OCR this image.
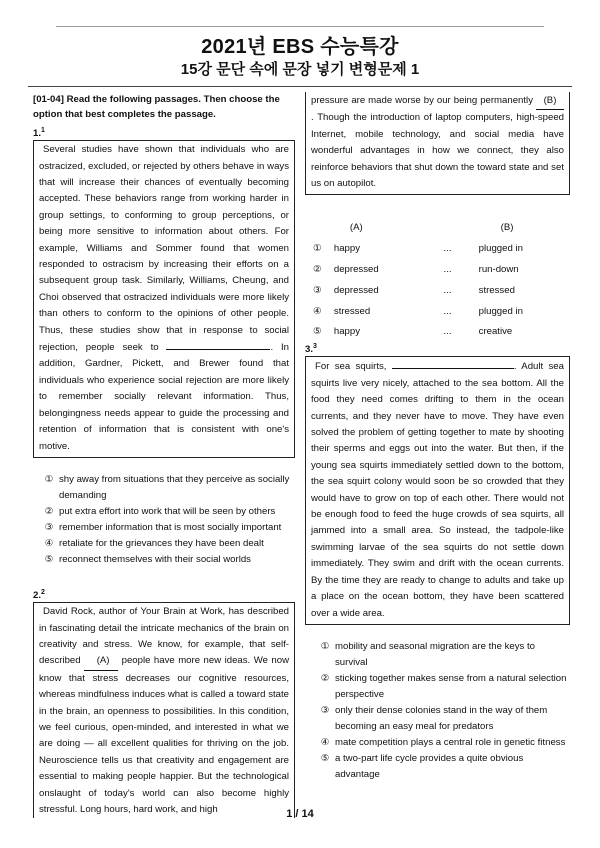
2021년 EBS 수능특강
15강 문단 속에 문장 넣기 변형문제 1
[01-04] Read the following passages. Then choose the option that best completes the passage.
1.$^1$
Several studies have shown that individuals who are ostracized, excluded, or rejected by others behave in ways that will increase their chances of eventually becoming accepted. These behaviors range from working harder in group settings, to conforming to group perceptions, or being more sensitive to information about others. For example, Williams and Sommer found that women responded to ostracism by increasing their efforts on a subsequent group task. Similarly, Williams, Cheung, and Choi observed that ostracized individuals were more likely than others to conform to the opinions of other people. Thus, these studies show that in response to social rejection, people seek to	. In addition, Gardner, Pickett, and Brewer found that individuals who experience social rejection are more likely to remember socially relevant information. Thus, belongingness needs appear to guide the processing and retention of information that is consistent with one's motive.
① shy away from situations that they perceive as socially demanding
② put extra effort into work that will be seen by others
③ remember information that is most socially important
④ retaliate for the grievances they have been dealt
⑤ reconnect themselves with their social worlds
2.$^2$
David Rock, author of Your Brain at Work, has described in fascinating detail the intricate mechanics of the brain on creativity and stress. We know, for example, that self-described (A) people have more new ideas. We now know that stress decreases our cognitive resources, whereas mindfulness induces what is called a toward state in the brain, an openness to possibilities. In this condition, we feel curious, open-minded, and interested in what we are doing — all excellent qualities for thriving on the job. Neuroscience tells us that creativity and engagement are essential to making people happier. But the technological onslaught of today's world can also become highly stressful. Long hours, hard work, and high
pressure are made worse by our being permanently (B). Though the introduction of laptop computers, high-speed Internet, mobile technology, and social media have wonderful advantages in how we connect, they also reinforce behaviors that shut down the toward state and set us on autopilot.
	(A)		(B)
①	happy	...	plugged in
②	depressed	...	run-down
③	depressed	...	stressed
④	stressed	...	plugged in
⑤	happy	...	creative
3.$^3$
For sea squirts,	. Adult sea squirts live very nicely, attached to the sea bottom. All the food they need comes drifting to them in the ocean currents, and they never have to move. They have even solved the problem of getting together to mate by shooting their sperms and eggs out into the water. But then, if the young sea squirts immediately settled down to the bottom, the sea squirt colony would soon be so crowded that they would have to grow on top of each other. There would not be enough food to feed the huge crowds of sea squirts, all jammed into a small area. So instead, the tadpole-like swimming larvae of the sea squirts do not settle down immediately. They swim and drift with the ocean currents. By the time they are ready to change to adults and take up a place on the ocean bottom, they have been scattered over a wide area.
① mobility and seasonal migration are the keys to survival
② sticking together makes sense from a natural selection perspective
③ only their dense colonies stand in the way of them becoming an easy meal for predators
④ mate competition plays a central role in genetic fitness
⑤ a two-part life cycle provides a quite obvious advantage
1 / 14
